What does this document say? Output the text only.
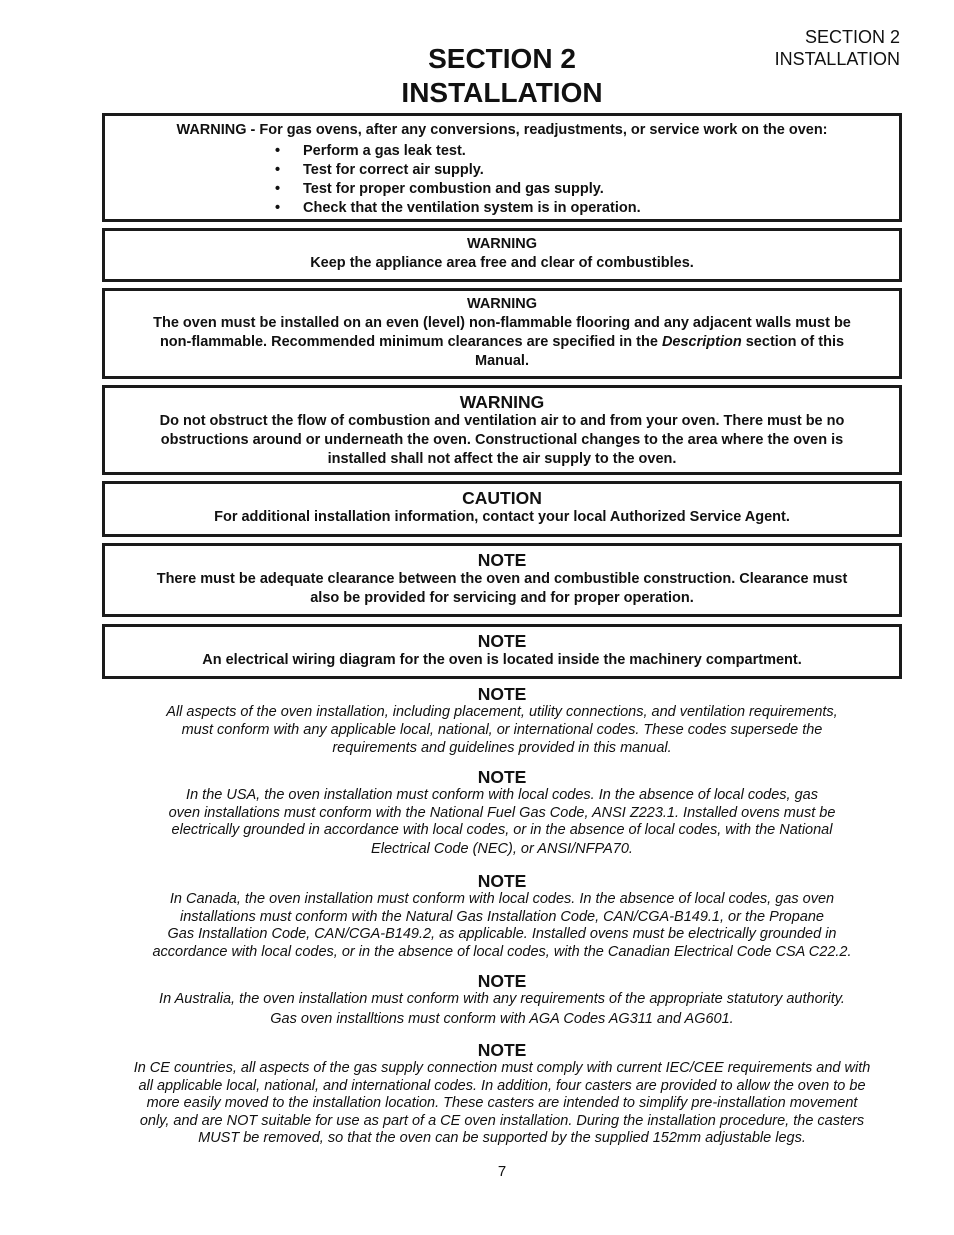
SECTION 2
INSTALLATION
SECTION 2
INSTALLATION
WARNING - For gas ovens, after any conversions, readjustments, or service work on the oven:
• Perform a gas leak test.
• Test for correct air supply.
• Test for proper combustion and gas supply.
• Check that the ventilation system is in operation.
WARNING
Keep the appliance area free and clear of combustibles.
WARNING
The oven must be installed on an even (level) non-flammable flooring and any adjacent walls must be
non-flammable. Recommended minimum clearances are specified in the Description section of this
Manual.
WARNING
Do not obstruct the flow of combustion and ventilation air to and from your oven. There must be no
obstructions around or underneath the oven. Constructional changes to the area where the oven is
installed shall not affect the air supply to the oven.
CAUTION
For additional installation information, contact your local Authorized Service Agent.
NOTE
There must be adequate clearance between the oven and combustible construction. Clearance must
also be provided for servicing and for proper operation.
NOTE
An electrical wiring diagram for the oven is located inside the machinery compartment.
NOTE
All aspects of the oven installation, including placement, utility connections, and ventilation requirements,
must conform with any applicable local, national, or international codes. These codes supersede the
requirements and guidelines provided in this manual.
NOTE
In the USA, the oven installation must conform with local codes. In the absence of local codes, gas
oven installations must conform with the National Fuel Gas Code, ANSI Z223.1. Installed ovens must be
electrically grounded in accordance with local codes, or in the absence of local codes, with the National
Electrical Code (NEC), or ANSI/NFPA70.
NOTE
In Canada, the oven installation must conform with local codes. In the absence of local codes, gas oven
installations must conform with the Natural Gas Installation Code, CAN/CGA-B149.1, or the Propane
Gas Installation Code, CAN/CGA-B149.2, as applicable. Installed ovens must be electrically grounded in
accordance with local codes, or in the absence of local codes, with the Canadian Electrical Code CSA C22.2.
NOTE
In Australia, the oven installation must conform with any requirements of the appropriate statutory authority.
Gas oven installtions must conform with AGA Codes AG311 and AG601.
NOTE
In CE countries, all aspects of the gas supply connection must comply with current IEC/CEE requirements and with
all applicable local, national, and international codes. In addition, four casters are provided to allow the oven to be
more easily moved to the installation location. These casters are intended to simplify pre-installation movement
only, and are NOT suitable for use as part of a CE oven installation. During the installation procedure, the casters
MUST be removed, so that the oven can be supported by the supplied 152mm adjustable legs.
7
